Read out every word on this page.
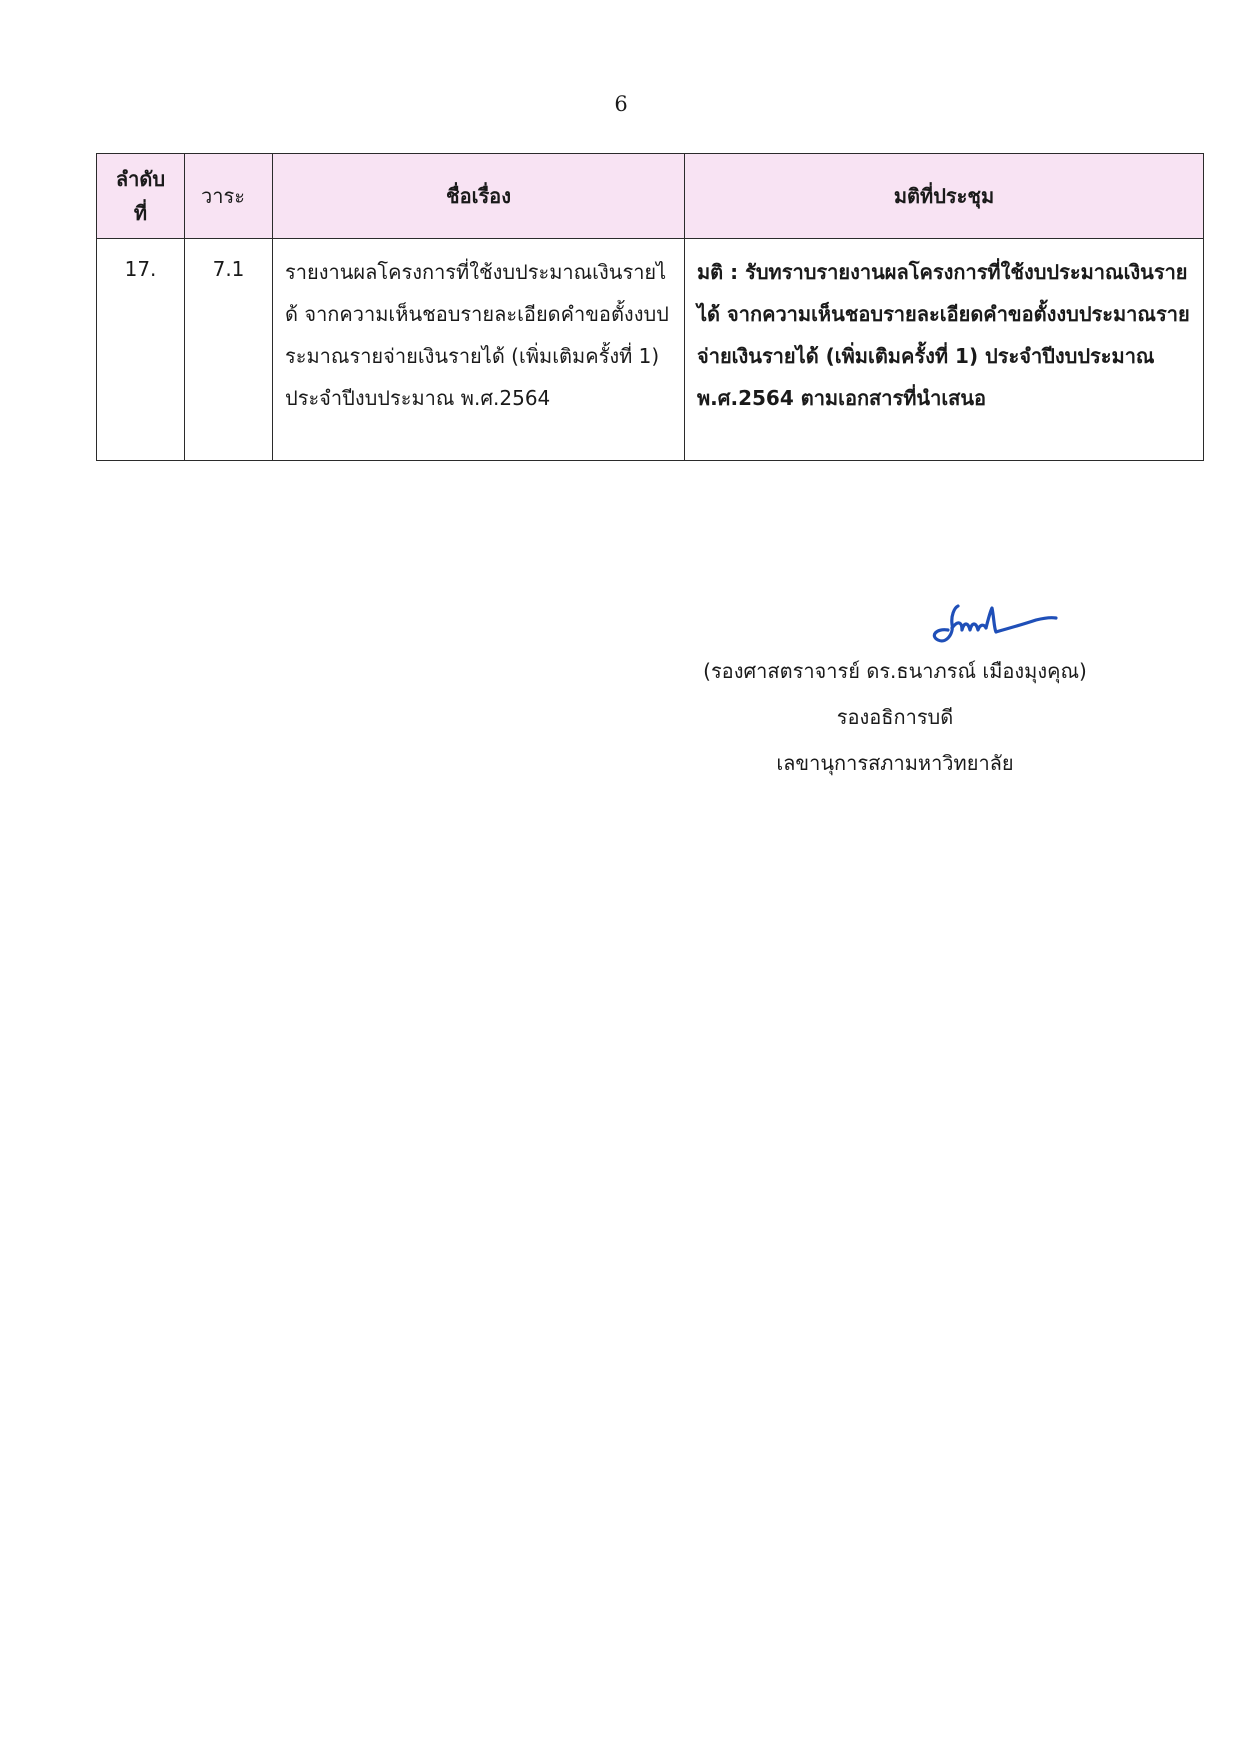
6
ลำดับ
ที่	วาระ	ชื่อเรื่อง	มติที่ประชุม
17.	7.1	รายงานผลโครงการที่ใช้งบประมาณเงินรายได้ จากความเห็นชอบรายละเอียดคำขอตั้งงบประมาณรายจ่ายเงินรายได้ (เพิ่มเติมครั้งที่ 1) ประจำปีงบประมาณ พ.ศ.2564	มติ : รับทราบรายงานผลโครงการที่ใช้งบประมาณเงินรายได้ จากความเห็นชอบรายละเอียดคำขอตั้งงบประมาณรายจ่ายเงินรายได้ (เพิ่มเติมครั้งที่ 1) ประจำปีงบประมาณ พ.ศ.2564 ตามเอกสารที่นำเสนอ
(รองศาสตราจารย์ ดร.ธนาภรณ์ เมืองมุงคุณ)
รองอธิการบดี
เลขานุการสภามหาวิทยาลัย
